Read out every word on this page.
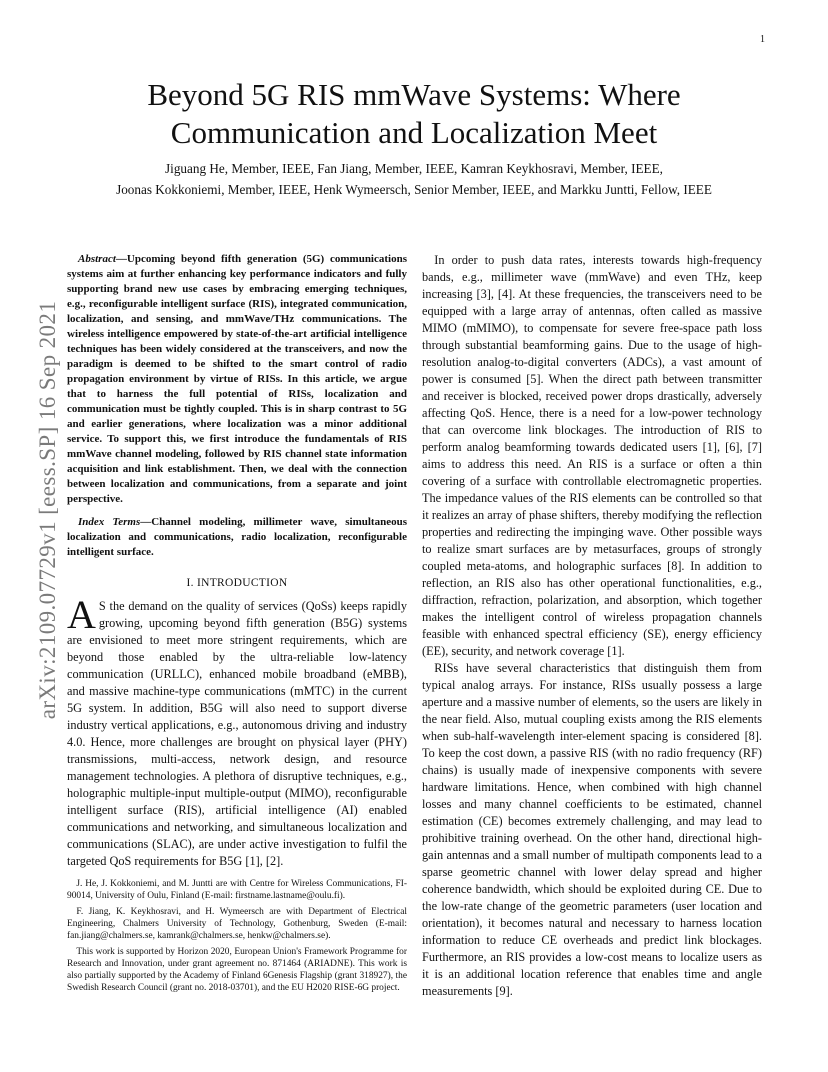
1
arXiv:2109.07729v1 [eess.SP] 16 Sep 2021
Beyond 5G RIS mmWave Systems: Where
Communication and Localization Meet
Jiguang He, Member, IEEE, Fan Jiang, Member, IEEE, Kamran Keykhosravi, Member, IEEE,
Joonas Kokkoniemi, Member, IEEE, Henk Wymeersch, Senior Member, IEEE, and Markku Juntti, Fellow, IEEE

Abstract—Upcoming beyond fifth generation (5G) communications systems aim at further enhancing key performance indicators and fully supporting brand new use cases by embracing emerging techniques, e.g., reconfigurable intelligent surface (RIS), integrated communication, localization, and sensing, and mmWave/THz communications. The wireless intelligence empowered by state-of-the-art artificial intelligence techniques has been widely considered at the transceivers, and now the paradigm is deemed to be shifted to the smart control of radio propagation environment by virtue of RISs. In this article, we argue that to harness the full potential of RISs, localization and communication must be tightly coupled. This is in sharp contrast to 5G and earlier generations, where localization was a minor additional service. To support this, we first introduce the fundamentals of RIS mmWave channel modeling, followed by RIS channel state information acquisition and link establishment. Then, we deal with the connection between localization and communications, from a separate and joint perspective.

Index Terms—Channel modeling, millimeter wave, simultaneous localization and communications, radio localization, reconfigurable intelligent surface.

I. INTRODUCTION

A S the demand on the quality of services (QoSs) keeps rapidly growing, upcoming beyond fifth generation (B5G) systems are envisioned to meet more stringent requirements, which are beyond those enabled by the ultra-reliable low-latency communication (URLLC), enhanced mobile broadband (eMBB), and massive machine-type communications (mMTC) in the current 5G system. In addition, B5G will also need to support diverse industry vertical applications, e.g., autonomous driving and industry 4.0. Hence, more challenges are brought on physical layer (PHY) transmissions, multi-access, network design, and resource management technologies. A plethora of disruptive techniques, e.g., holographic multiple-input multiple-output (MIMO), reconfigurable intelligent surface (RIS), artificial intelligence (AI) enabled communications and networking, and simultaneous localization and communications (SLAC), are under active investigation to fulfil the targeted QoS requirements for B5G [1], [2].

J. He, J. Kokkoniemi, and M. Juntti are with Centre for Wireless Communications, FI-90014, University of Oulu, Finland (E-mail: firstname.lastname@oulu.fi).

F. Jiang, K. Keykhosravi, and H. Wymeersch are with Department of Electrical Engineering, Chalmers University of Technology, Gothenburg, Sweden (E-mail: fan.jiang@chalmers.se, kamrank@chalmers.se, henkw@chalmers.se).

This work is supported by Horizon 2020, European Union's Framework Programme for Research and Innovation, under grant agreement no. 871464 (ARIADNE). This work is also partially supported by the Academy of Finland 6Genesis Flagship (grant 318927), the Swedish Research Council (grant no. 2018-03701), and the EU H2020 RISE-6G project.

In order to push data rates, interests towards high-frequency bands, e.g., millimeter wave (mmWave) and even THz, keep increasing [3], [4]. At these frequencies, the transceivers need to be equipped with a large array of antennas, often called as massive MIMO (mMIMO), to compensate for severe free-space path loss through substantial beamforming gains. Due to the usage of high-resolution analog-to-digital converters (ADCs), a vast amount of power is consumed [5]. When the direct path between transmitter and receiver is blocked, received power drops drastically, adversely affecting QoS. Hence, there is a need for a low-power technology that can overcome link blockages. The introduction of RIS to perform analog beamforming towards dedicated users [1], [6], [7] aims to address this need. An RIS is a surface or often a thin covering of a surface with controllable electromagnetic properties. The impedance values of the RIS elements can be controlled so that it realizes an array of phase shifters, thereby modifying the reflection properties and redirecting the impinging wave. Other possible ways to realize smart surfaces are by metasurfaces, groups of strongly coupled meta-atoms, and holographic surfaces [8]. In addition to reflection, an RIS also has other operational functionalities, e.g., diffraction, refraction, polarization, and absorption, which together makes the intelligent control of wireless propagation channels feasible with enhanced spectral efficiency (SE), energy efficiency (EE), security, and network coverage [1].

RISs have several characteristics that distinguish them from typical analog arrays. For instance, RISs usually possess a large aperture and a massive number of elements, so the users are likely in the near field. Also, mutual coupling exists among the RIS elements when sub-half-wavelength inter-element spacing is considered [8]. To keep the cost down, a passive RIS (with no radio frequency (RF) chains) is usually made of inexpensive components with severe hardware limitations. Hence, when combined with high channel losses and many channel coefficients to be estimated, channel estimation (CE) becomes extremely challenging, and may lead to prohibitive training overhead. On the other hand, directional high-gain antennas and a small number of multipath components lead to a sparse geometric channel with lower delay spread and higher coherence bandwidth, which should be exploited during CE. Due to the low-rate change of the geometric parameters (user location and orientation), it becomes natural and necessary to harness location information to reduce CE overheads and predict link blockages. Furthermore, an RIS provides a low-cost means to localize users as it is an additional location reference that enables time and angle measurements [9].
